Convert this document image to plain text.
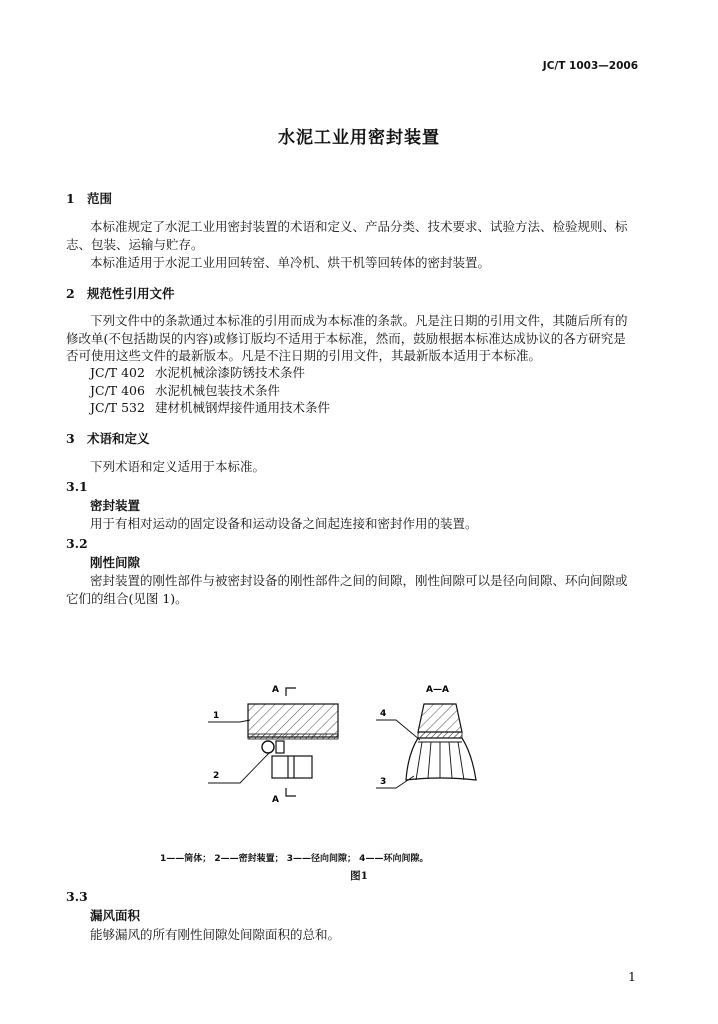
JC/T 1003—2006
水泥工业用密封装置
1 范围
本标准规定了水泥工业用密封装置的术语和定义、产品分类、技术要求、试验方法、检验规则、标
志、包装、运输与贮存。
本标准适用于水泥工业用回转窑、单冷机、烘干机等回转体的密封装置。
2 规范性引用文件
下列文件中的条款通过本标准的引用而成为本标准的条款。凡是注日期的引用文件，其随后所有的
修改单(不包括勘误的内容)或修订版均不适用于本标准，然而，鼓励根据本标准达成协议的各方研究是
否可使用这些文件的最新版本。凡是不注日期的引用文件，其最新版本适用于本标准。
JC/T 402 水泥机械涂漆防锈技术条件
JC/T 406 水泥机械包装技术条件
JC/T 532 建材机械钢焊接件通用技术条件
3 术语和定义
下列术语和定义适用于本标准。
3.1
密封装置
用于有相对运动的固定设备和运动设备之间起连接和密封作用的装置。
3.2
刚性间隙
密封装置的刚性部件与被密封设备的刚性部件之间的间隙，刚性间隙可以是径向间隙、环向间隙或
它们的组合(见图 1)。
A
A
1
2
A—A
4
3
1——筒体； 2——密封装置； 3——径向间隙； 4——环向间隙。
图1
3.3
漏风面积
能够漏风的所有刚性间隙处间隙面积的总和。
1
